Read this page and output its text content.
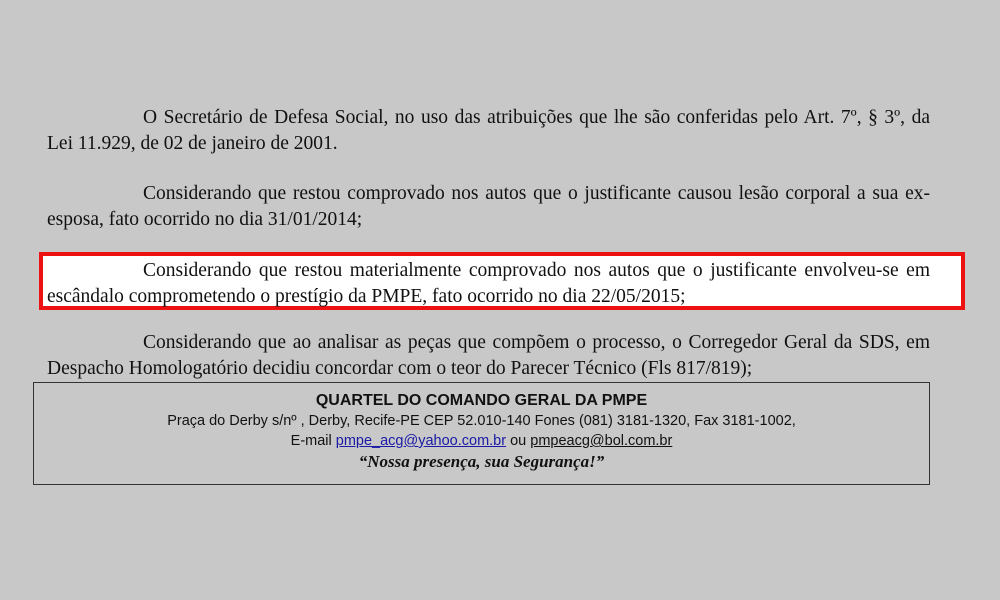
O Secretário de Defesa Social, no uso das atribuições que lhe são conferidas pelo Art. 7º, § 3º, da Lei 11.929, de 02 de janeiro de 2001.

Considerando que restou comprovado nos autos que o justificante causou lesão corporal a sua ex-esposa, fato ocorrido no dia 31/01/2014;

Considerando que restou materialmente comprovado nos autos que o justificante envolveu-se em escândalo comprometendo o prestígio da PMPE, fato ocorrido no dia 22/05/2015;

Considerando que ao analisar as peças que compõem o processo, o Corregedor Geral da SDS, em Despacho Homologatório decidiu concordar com o teor do Parecer Técnico (Fls 817/819);

QUARTEL DO COMANDO GERAL DA PMPE
Praça do Derby s/nº , Derby, Recife-PE CEP 52.010-140 Fones (081) 3181-1320, Fax 3181-1002,
E-mail pmpe_acg@yahoo.com.br ou pmpeacg@bol.com.br
“Nossa presença, sua Segurança!”
